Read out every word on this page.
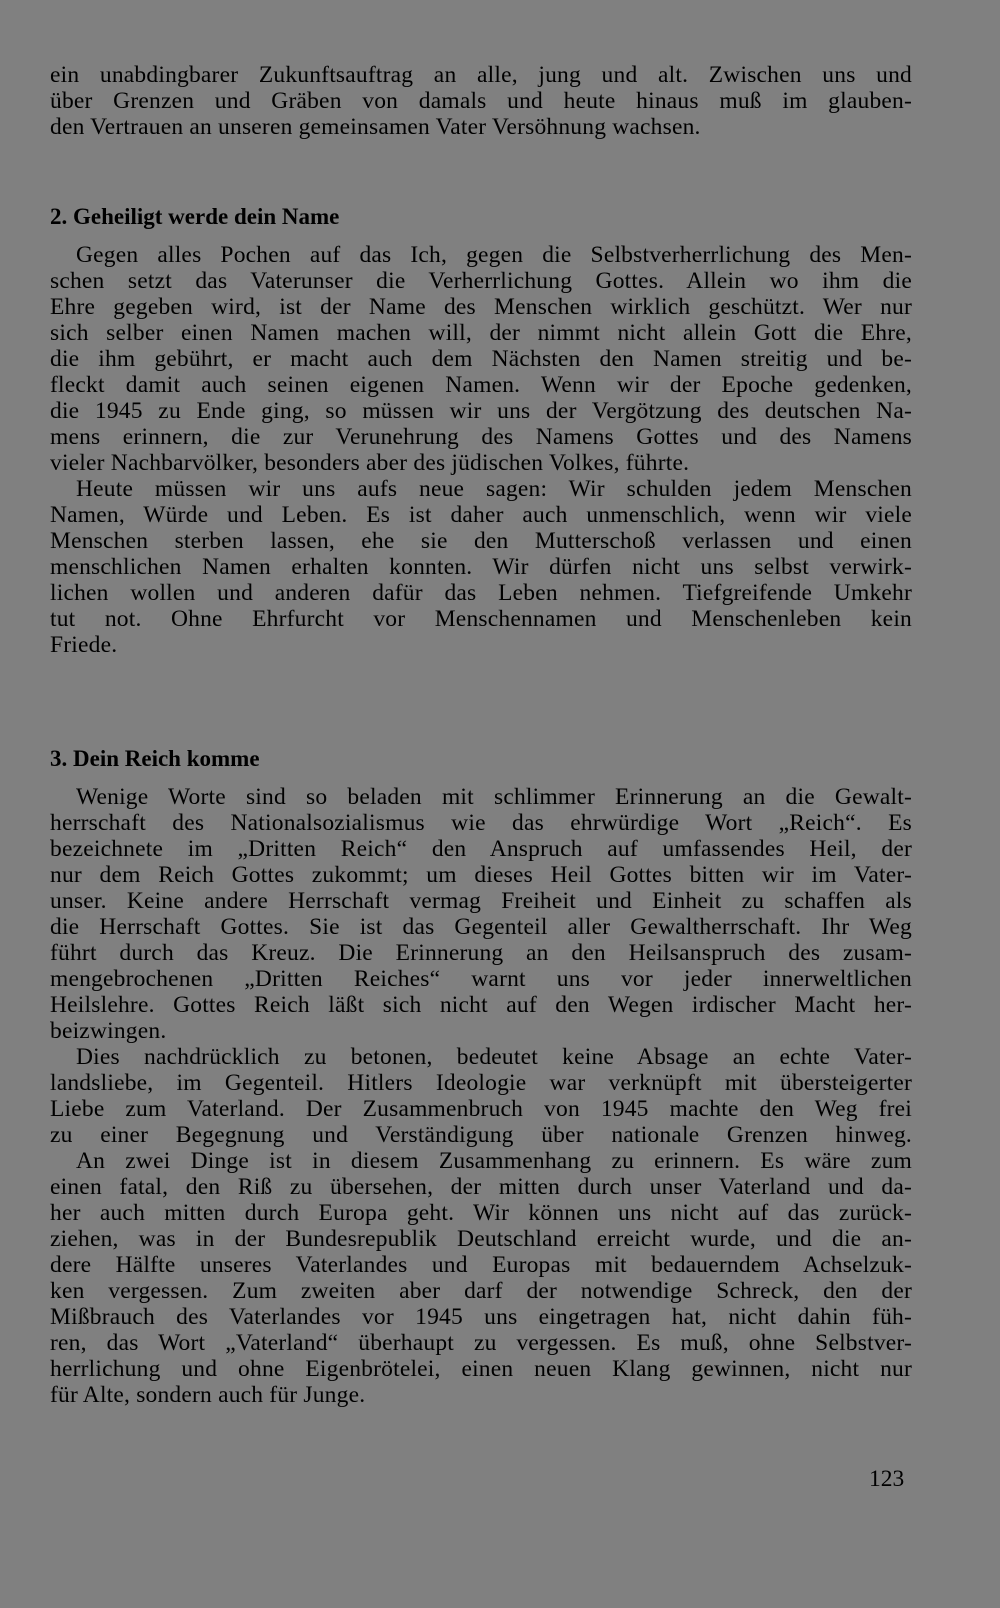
ein unabdingbarer Zukunftsauftrag an alle, jung und alt. Zwischen uns und
über Grenzen und Gräben von damals und heute hinaus muß im glauben-
den Vertrauen an unseren gemeinsamen Vater Versöhnung wachsen.
2. Geheiligt werde dein Name
Gegen alles Pochen auf das Ich, gegen die Selbstverherrlichung des Men-
schen setzt das Vaterunser die Verherrlichung Gottes. Allein wo ihm die
Ehre gegeben wird, ist der Name des Menschen wirklich geschützt. Wer nur
sich selber einen Namen machen will, der nimmt nicht allein Gott die Ehre,
die ihm gebührt, er macht auch dem Nächsten den Namen streitig und be-
fleckt damit auch seinen eigenen Namen. Wenn wir der Epoche gedenken,
die 1945 zu Ende ging, so müssen wir uns der Vergötzung des deutschen Na-
mens erinnern, die zur Verunehrung des Namens Gottes und des Namens
vieler Nachbarvölker, besonders aber des jüdischen Volkes, führte.
Heute müssen wir uns aufs neue sagen: Wir schulden jedem Menschen
Namen, Würde und Leben. Es ist daher auch unmenschlich, wenn wir viele
Menschen sterben lassen, ehe sie den Mutterschoß verlassen und einen
menschlichen Namen erhalten konnten. Wir dürfen nicht uns selbst verwirk-
lichen wollen und anderen dafür das Leben nehmen. Tiefgreifende Umkehr
tut not. Ohne Ehrfurcht vor Menschennamen und Menschenleben kein
Friede.
3. Dein Reich komme
Wenige Worte sind so beladen mit schlimmer Erinnerung an die Gewalt-
herrschaft des Nationalsozialismus wie das ehrwürdige Wort „Reich“. Es
bezeichnete im „Dritten Reich“ den Anspruch auf umfassendes Heil, der
nur dem Reich Gottes zukommt; um dieses Heil Gottes bitten wir im Vater-
unser. Keine andere Herrschaft vermag Freiheit und Einheit zu schaffen als
die Herrschaft Gottes. Sie ist das Gegenteil aller Gewaltherrschaft. Ihr Weg
führt durch das Kreuz. Die Erinnerung an den Heilsanspruch des zusam-
mengebrochenen „Dritten Reiches“ warnt uns vor jeder innerweltlichen
Heilslehre. Gottes Reich läßt sich nicht auf den Wegen irdischer Macht her-
beizwingen.
Dies nachdrücklich zu betonen, bedeutet keine Absage an echte Vater-
landsliebe, im Gegenteil. Hitlers Ideologie war verknüpft mit übersteigerter
Liebe zum Vaterland. Der Zusammenbruch von 1945 machte den Weg frei
zu einer Begegnung und Verständigung über nationale Grenzen hinweg.
An zwei Dinge ist in diesem Zusammenhang zu erinnern. Es wäre zum
einen fatal, den Riß zu übersehen, der mitten durch unser Vaterland und da-
her auch mitten durch Europa geht. Wir können uns nicht auf das zurück-
ziehen, was in der Bundesrepublik Deutschland erreicht wurde, und die an-
dere Hälfte unseres Vaterlandes und Europas mit bedauerndem Achselzuk-
ken vergessen. Zum zweiten aber darf der notwendige Schreck, den der
Mißbrauch des Vaterlandes vor 1945 uns eingetragen hat, nicht dahin füh-
ren, das Wort „Vaterland“ überhaupt zu vergessen. Es muß, ohne Selbstver-
herrlichung und ohne Eigenbrötelei, einen neuen Klang gewinnen, nicht nur
für Alte, sondern auch für Junge.
123
